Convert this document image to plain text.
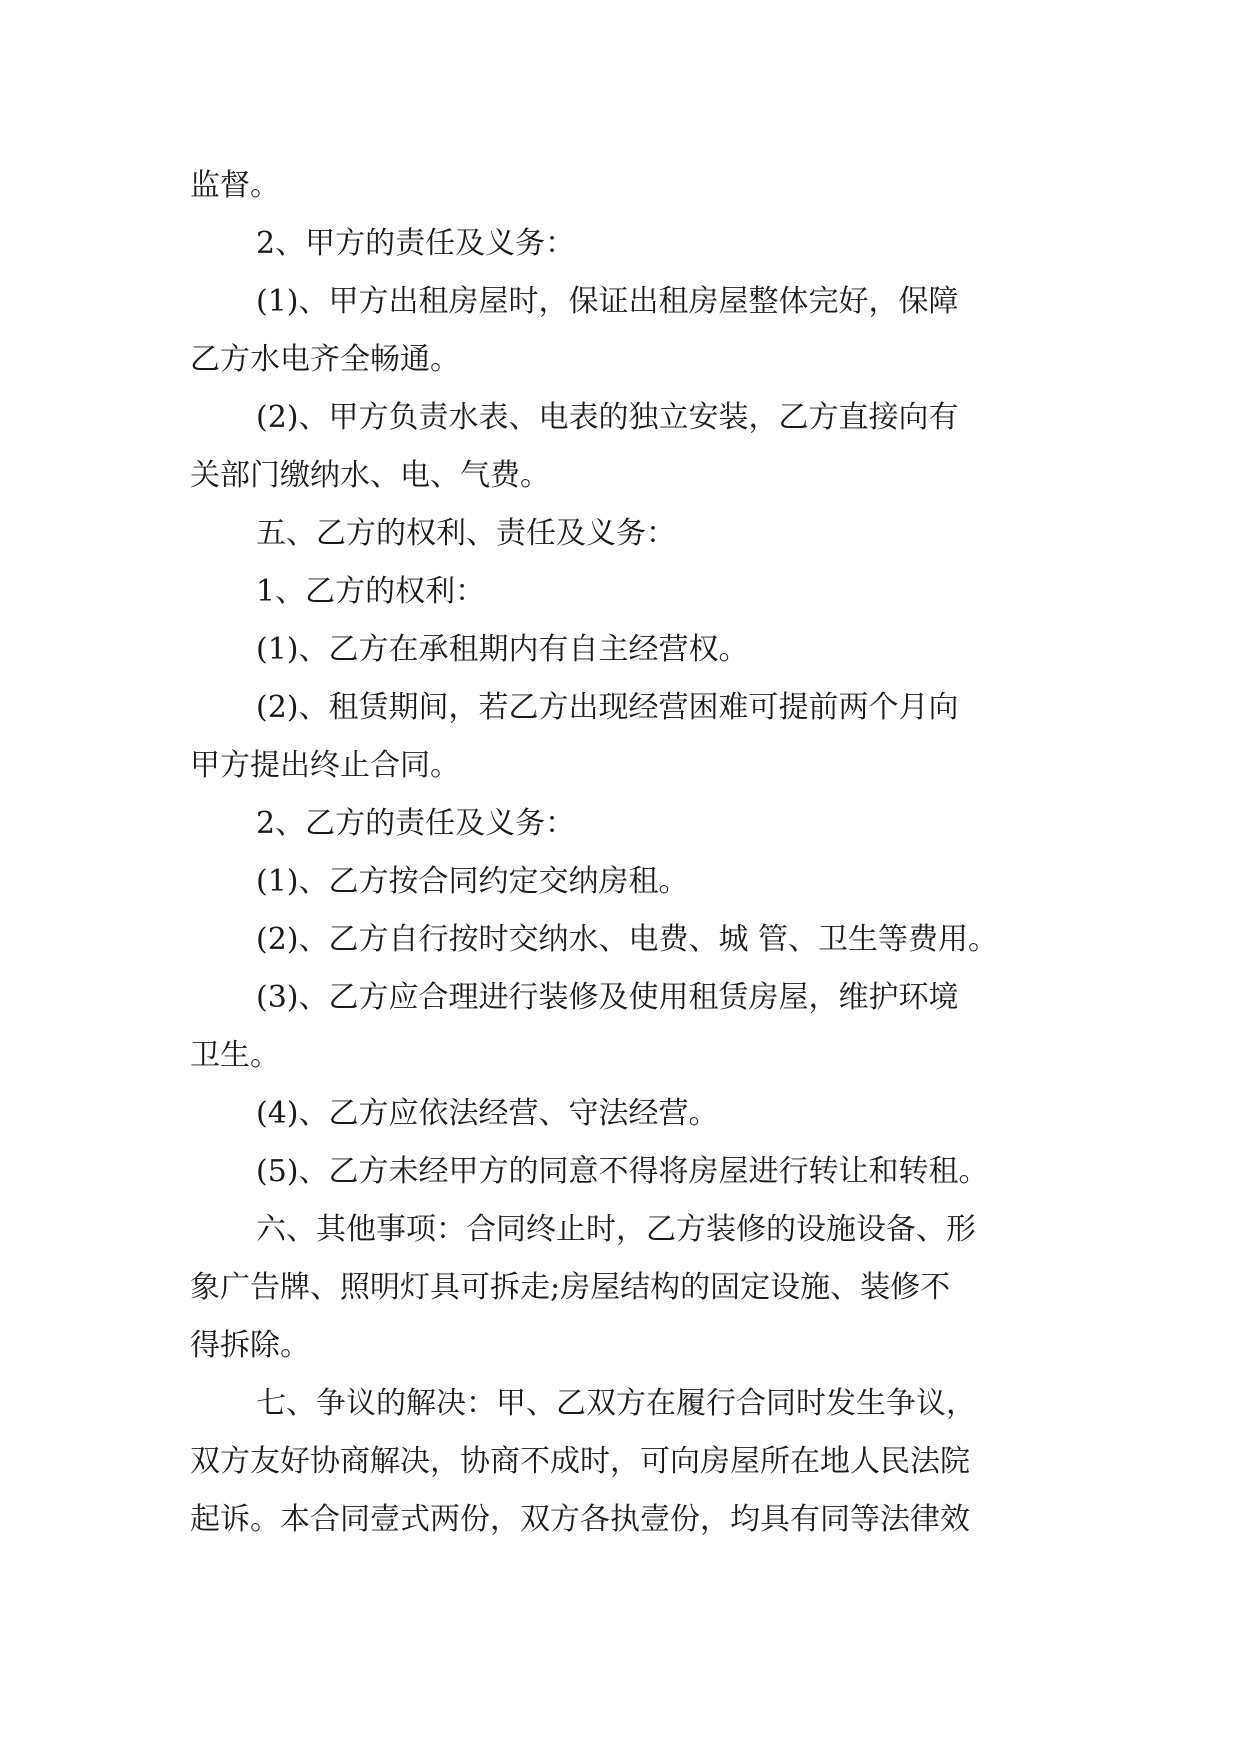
监督。
2、甲方的责任及义务：
(1)、甲方出租房屋时，保证出租房屋整体完好，保障
乙方水电齐全畅通。
(2)、甲方负责水表、电表的独立安装，乙方直接向有
关部门缴纳水、电、气费。
五、乙方的权利、责任及义务：
1、乙方的权利：
(1)、乙方在承租期内有自主经营权。
(2)、租赁期间，若乙方出现经营困难可提前两个月向
甲方提出终止合同。
2、乙方的责任及义务：
(1)、乙方按合同约定交纳房租。
(2)、乙方自行按时交纳水、电费、城 管、卫生等费用。
(3)、乙方应合理进行装修及使用租赁房屋，维护环境
卫生。
(4)、乙方应依法经营、守法经营。
(5)、乙方未经甲方的同意不得将房屋进行转让和转租。
六、其他事项：合同终止时，乙方装修的设施设备、形
象广告牌、照明灯具可拆走;房屋结构的固定设施、装修不
得拆除。
七、争议的解决：甲、乙双方在履行合同时发生争议，
双方友好协商解决，协商不成时，可向房屋所在地人民法院
起诉。本合同壹式两份，双方各执壹份，均具有同等法律效
